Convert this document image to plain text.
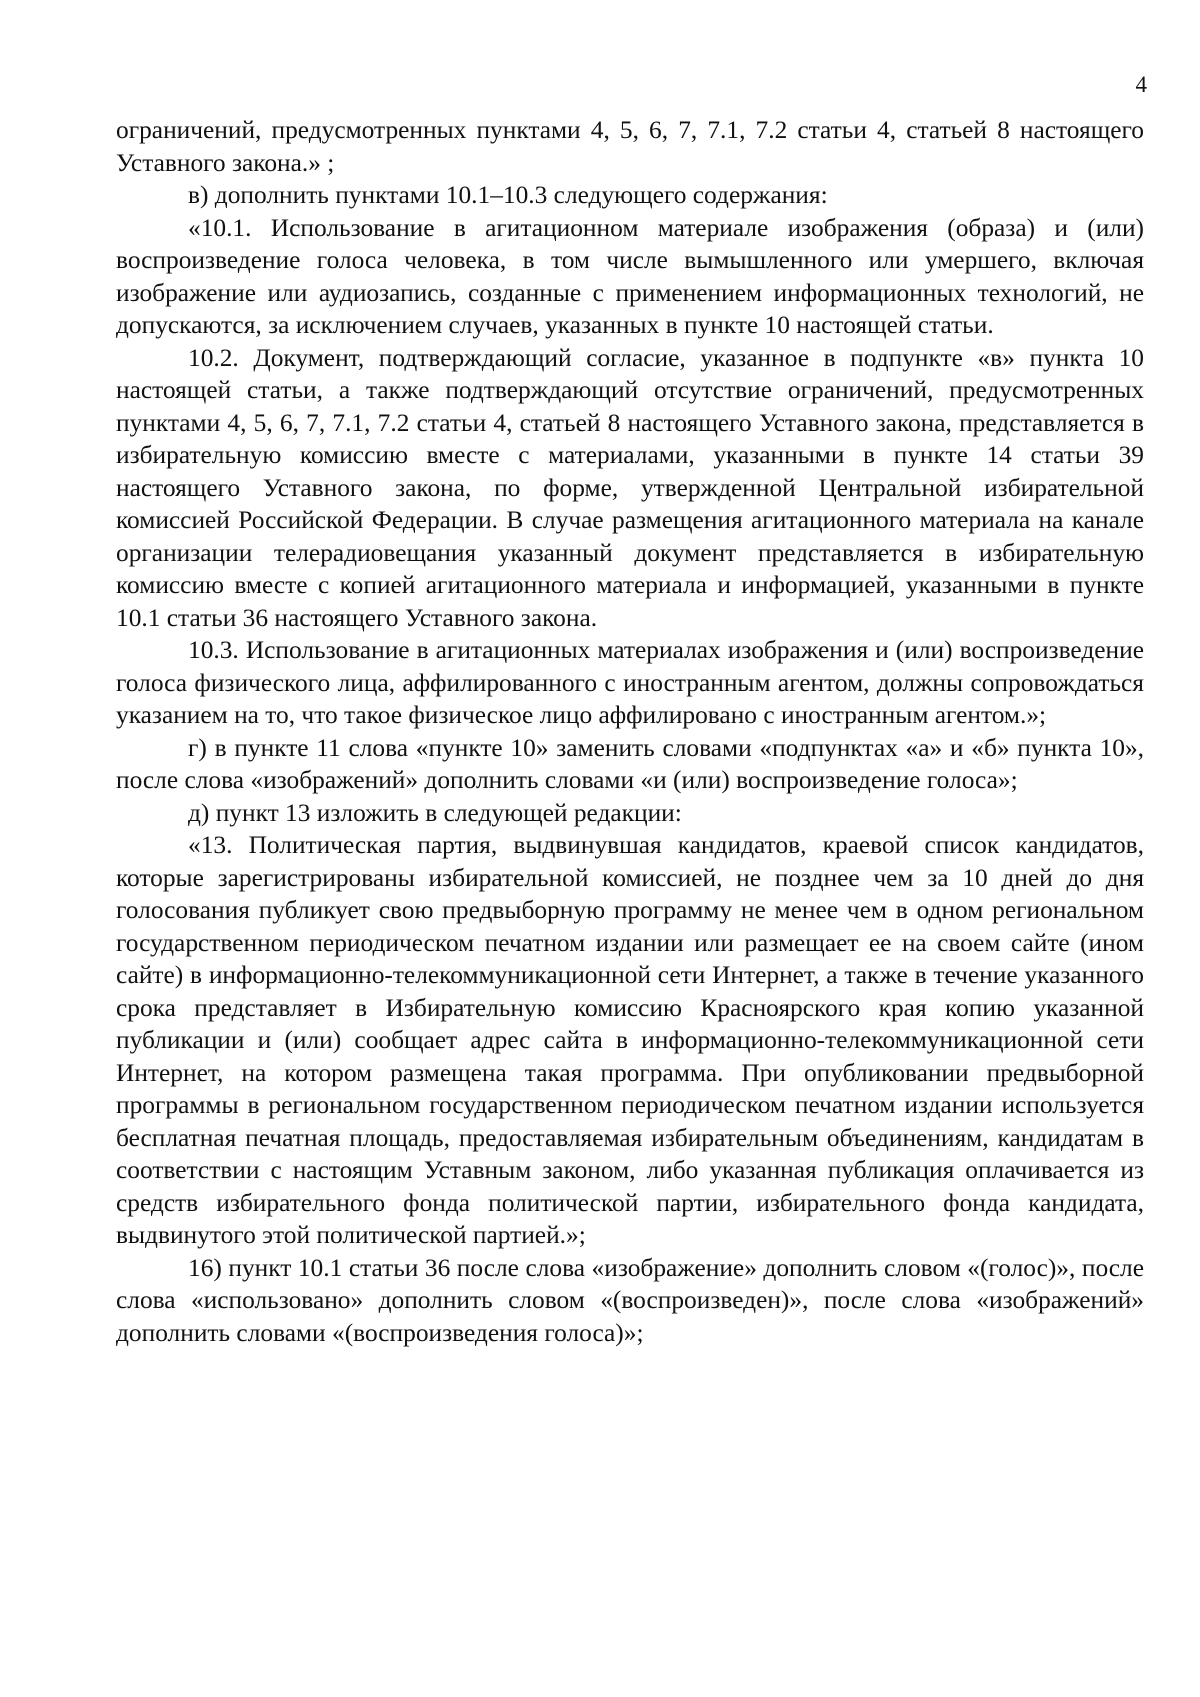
4

ограничений, предусмотренных пунктами 4, 5, 6, 7, 7.1, 7.2 статьи 4, статьей 8 настоящего Уставного закона.» ;

в) дополнить пунктами 10.1–10.3 следующего содержания:

«10.1. Использование в агитационном материале изображения (образа) и (или) воспроизведение голоса человека, в том числе вымышленного или умершего, включая изображение или аудиозапись, созданные с применением информационных технологий, не допускаются, за исключением случаев, указанных в пункте 10 настоящей статьи.

10.2. Документ, подтверждающий согласие, указанное в подпункте «в» пункта 10 настоящей статьи, а также подтверждающий отсутствие ограничений, предусмотренных пунктами 4, 5, 6, 7, 7.1, 7.2 статьи 4, статьей 8 настоящего Уставного закона, представляется в избирательную комиссию вместе с материалами, указанными в пункте 14 статьи 39 настоящего Уставного закона, по форме, утвержденной Центральной избирательной комиссией Российской Федерации. В случае размещения агитационного материала на канале организации телерадиовещания указанный документ представляется в избирательную комиссию вместе с копией агитационного материала и информацией, указанными в пункте 10.1 статьи 36 настоящего Уставного закона.

10.3. Использование в агитационных материалах изображения и (или) воспроизведение голоса физического лица, аффилированного с иностранным агентом, должны сопровождаться указанием на то, что такое физическое лицо аффилировано с иностранным агентом.»;

г) в пункте 11 слова «пункте 10» заменить словами «подпунктах «а» и «б» пункта 10», после слова «изображений» дополнить словами «и (или) воспроизведение голоса»;

д) пункт 13 изложить в следующей редакции:

«13. Политическая партия, выдвинувшая кандидатов, краевой список кандидатов, которые зарегистрированы избирательной комиссией, не позднее чем за 10 дней до дня голосования публикует свою предвыборную программу не менее чем в одном региональном государственном периодическом печатном издании или размещает ее на своем сайте (ином сайте) в информационно-телекоммуникационной сети Интернет, а также в течение указанного срока представляет в Избирательную комиссию Красноярского края копию указанной публикации и (или) сообщает адрес сайта в информационно-телекоммуникационной сети Интернет, на котором размещена такая программа. При опубликовании предвыборной программы в региональном государственном периодическом печатном издании используется бесплатная печатная площадь, предоставляемая избирательным объединениям, кандидатам в соответствии с настоящим Уставным законом, либо указанная публикация оплачивается из средств избирательного фонда политической партии, избирательного фонда кандидата, выдвинутого этой политической партией.»;

16) пункт 10.1 статьи 36 после слова «изображение» дополнить словом «(голос)», после слова «использовано» дополнить словом «(воспроизведен)», после слова «изображений» дополнить словами «(воспроизведения голоса)»;
